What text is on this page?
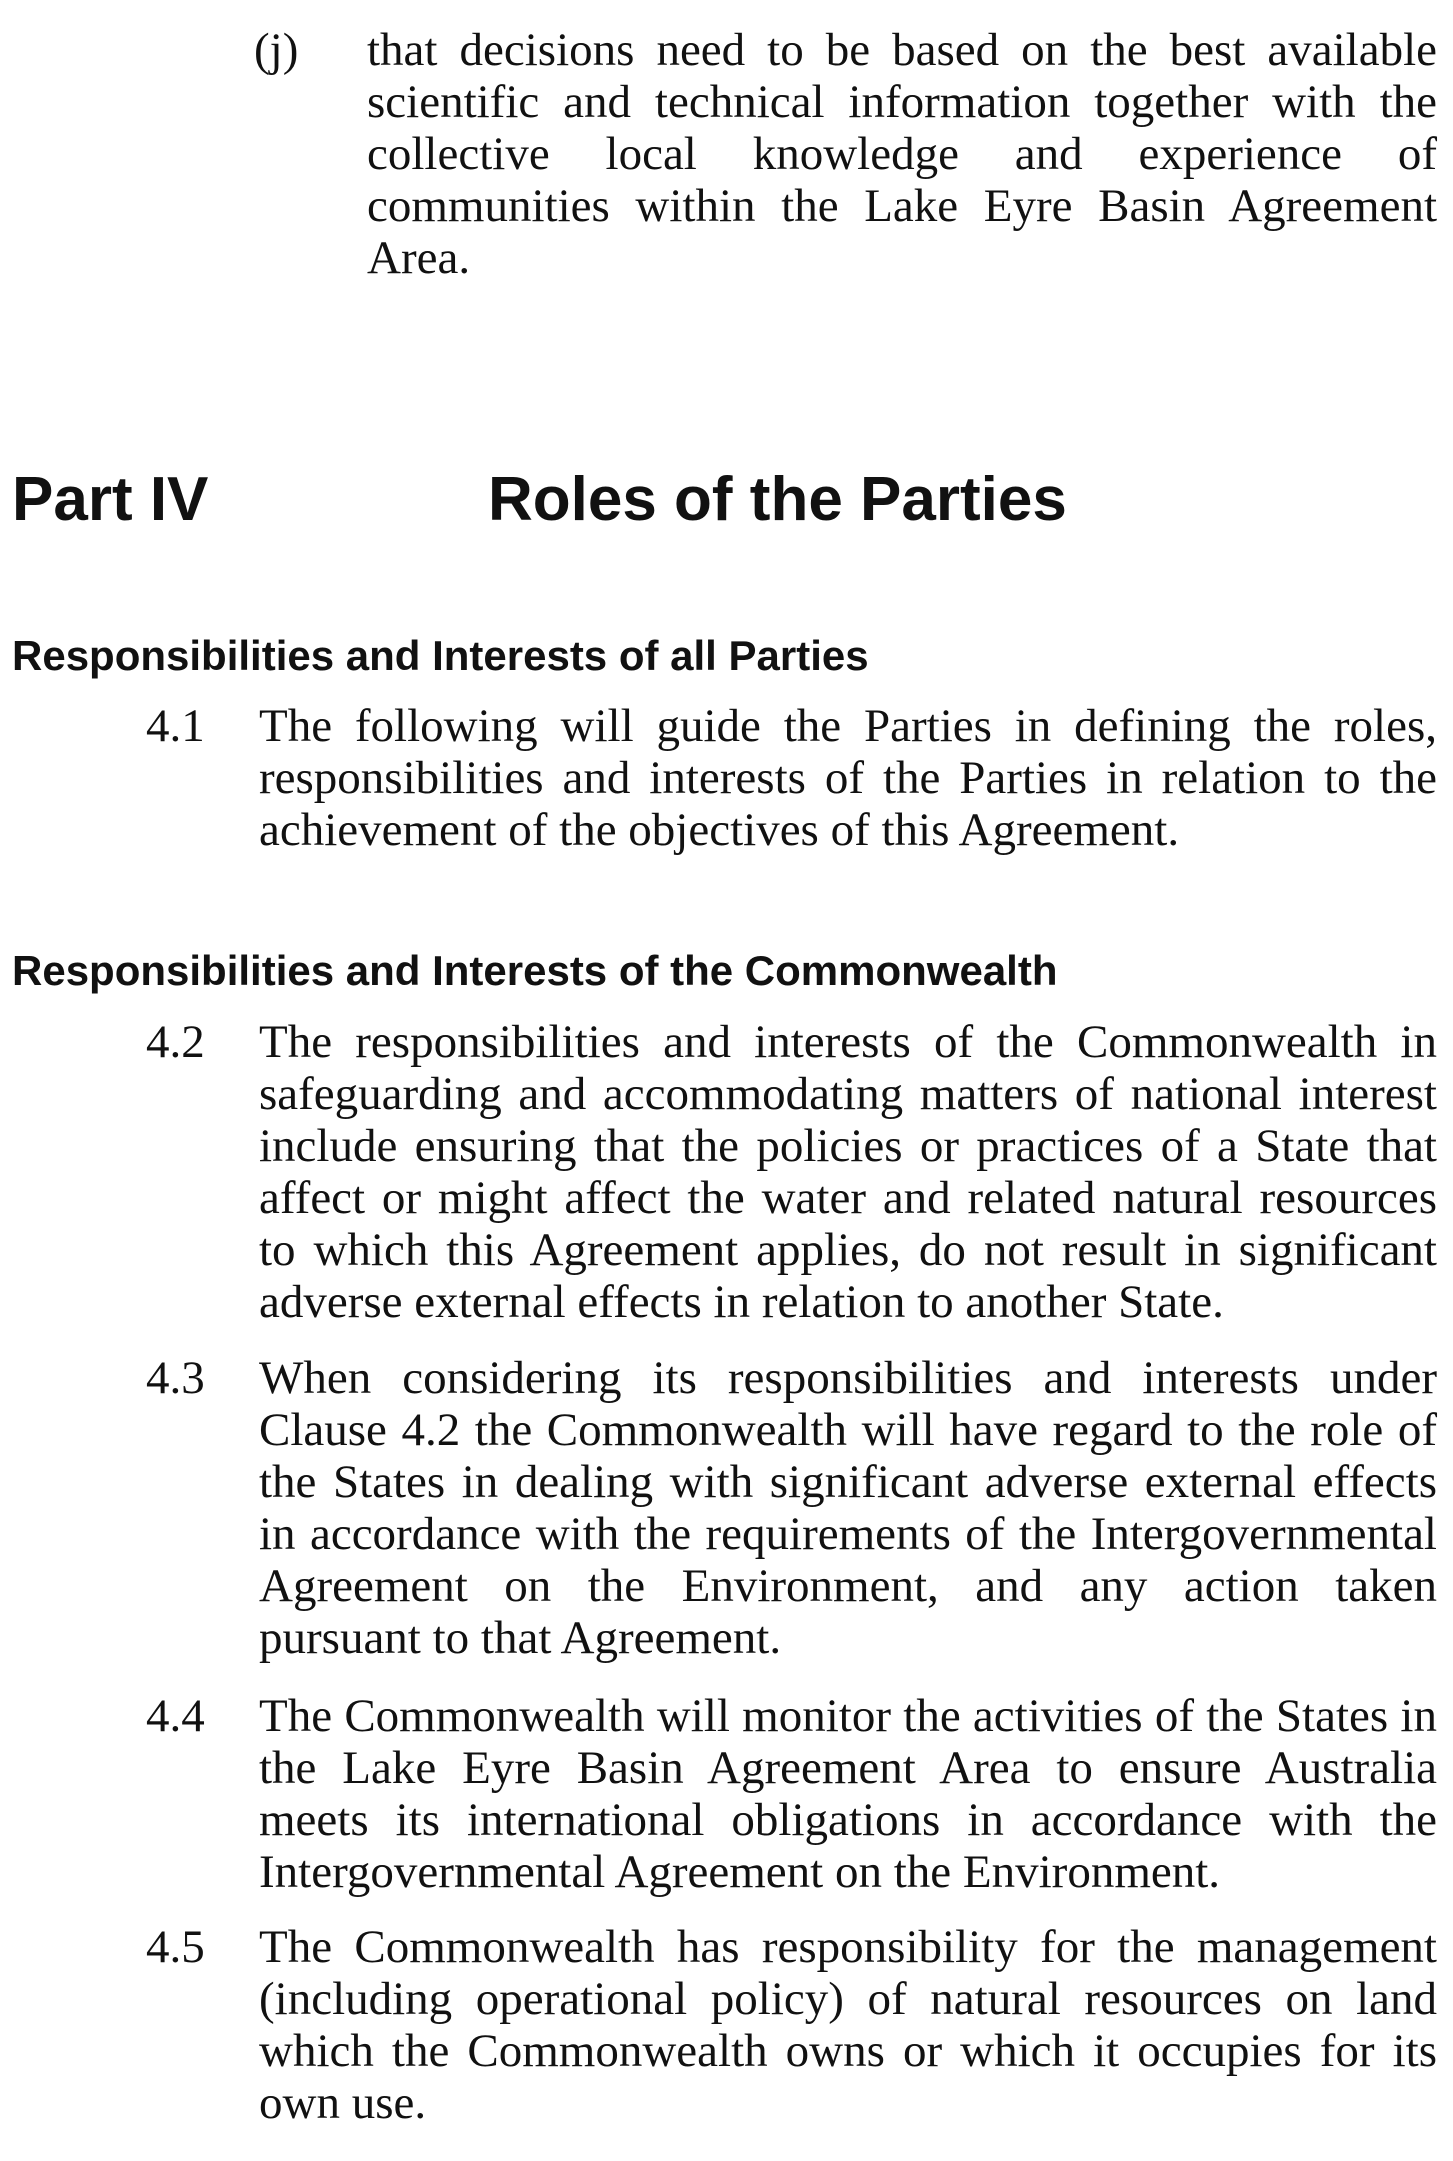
(j) that decisions need to be based on the best available scientific and technical information together with the collective local knowledge and experience of communities within the Lake Eyre Basin Agreement Area.
Part IV	Roles of the Parties
Responsibilities and Interests of all Parties
4.1 The following will guide the Parties in defining the roles, responsibilities and interests of the Parties in relation to the achievement of the objectives of this Agreement.
Responsibilities and Interests of the Commonwealth
4.2 The responsibilities and interests of the Commonwealth in safeguarding and accommodating matters of national interest include ensuring that the policies or practices of a State that affect or might affect the water and related natural resources to which this Agreement applies, do not result in significant adverse external effects in relation to another State.
4.3 When considering its responsibilities and interests under Clause 4.2 the Commonwealth will have regard to the role of the States in dealing with significant adverse external effects in accordance with the requirements of the Intergovernmental Agreement on the Environment, and any action taken pursuant to that Agreement.
4.4 The Commonwealth will monitor the activities of the States in the Lake Eyre Basin Agreement Area to ensure Australia meets its international obligations in accordance with the Intergovernmental Agreement on the Environment.
4.5 The Commonwealth has responsibility for the management (including operational policy) of natural resources on land which the Commonwealth owns or which it occupies for its own use.
